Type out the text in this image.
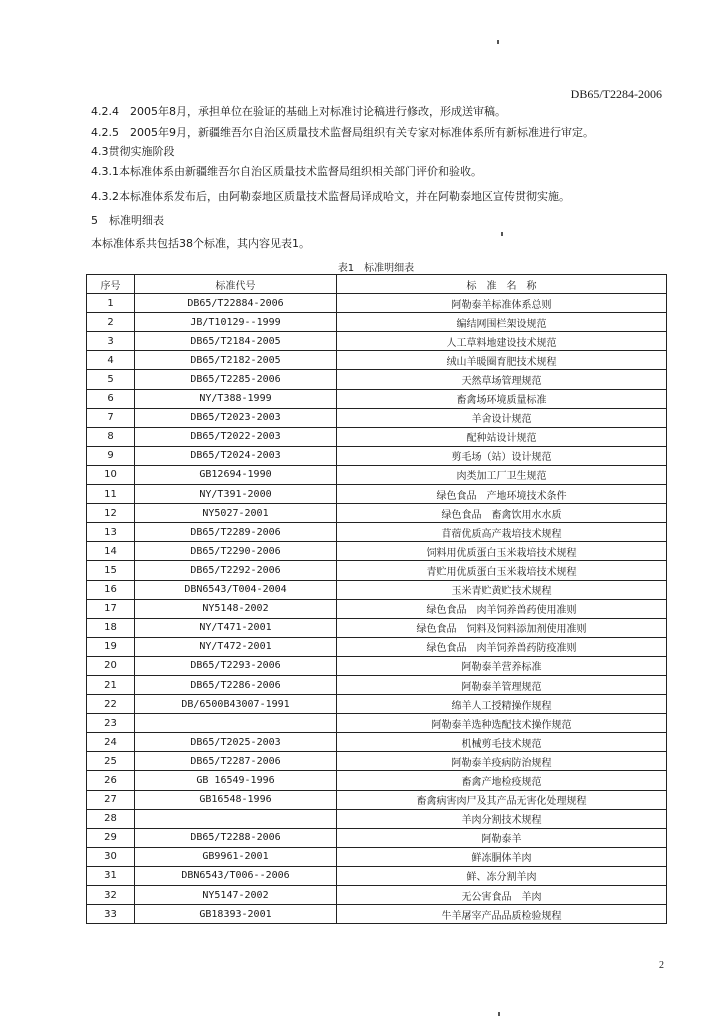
DB65/T2284-2006
4.2.4　2005年8月，承担单位在验证的基础上对标准讨论稿进行修改，形成送审稿。
4.2.5　2005年9月，新疆维吾尔自治区质量技术监督局组织有关专家对标准体系所有新标准进行审定。
4.3贯彻实施阶段
4.3.1本标准体系由新疆维吾尔自治区质量技术监督局组织相关部门评价和验收。
4.3.2本标准体系发布后，由阿勒泰地区质量技术监督局译成哈文，并在阿勒泰地区宣传贯彻实施。
5　标准明细表
本标准体系共包括38个标准，其内容见表1。
表1　标准明细表
序号	标准代号	标　准　名　称
1	DB65/T22884-2006	阿勒泰羊标准体系总则
2	JB/T10129--1999	编结网围栏架设规范
3	DB65/T2184-2005	人工草料地建设技术规范
4	DB65/T2182-2005	绒山羊暖圈育肥技术规程
5	DB65/T2285-2006	天然草场管理规范
6	NY/T388-1999	畜禽场环境质量标准
7	DB65/T2023-2003	羊舍设计规范
8	DB65/T2022-2003	配种站设计规范
9	DB65/T2024-2003	剪毛场（站）设计规范
10	GB12694-1990	肉类加工厂卫生规范
11	NY/T391-2000	绿色食品　产地环境技术条件
12	NY5027-2001	绿色食品　畜禽饮用水水质
13	DB65/T2289-2006	苜蓿优质高产栽培技术规程
14	DB65/T2290-2006	饲料用优质蛋白玉米栽培技术规程
15	DB65/T2292-2006	青贮用优质蛋白玉米栽培技术规程
16	DBN6543/T004-2004	玉米青贮黄贮技术规程
17	NY5148-2002	绿色食品　肉羊饲养兽药使用准则
18	NY/T471-2001	绿色食品　饲料及饲料添加剂使用准则
19	NY/T472-2001	绿色食品　肉羊饲养兽药防疫准则
20	DB65/T2293-2006	阿勒泰羊营养标准
21	DB65/T2286-2006	阿勒泰羊管理规范
22	DB/6500B43007-1991	绵羊人工授精操作规程
23		阿勒泰羊选种选配技术操作规范
24	DB65/T2025-2003	机械剪毛技术规范
25	DB65/T2287-2006	阿勒泰羊疫病防治规程
26	GB 16549-1996	畜禽产地检疫规范
27	GB16548-1996	畜禽病害肉尸及其产品无害化处理规程
28		羊肉分割技术规程
29	DB65/T2288-2006	阿勒泰羊
30	GB9961-2001	鲜冻胴体羊肉
31	DBN6543/T006--2006	鲜、冻分割羊肉
32	NY5147-2002	无公害食品　羊肉
33	GB18393-2001	牛羊屠宰产品品质检验规程
2
